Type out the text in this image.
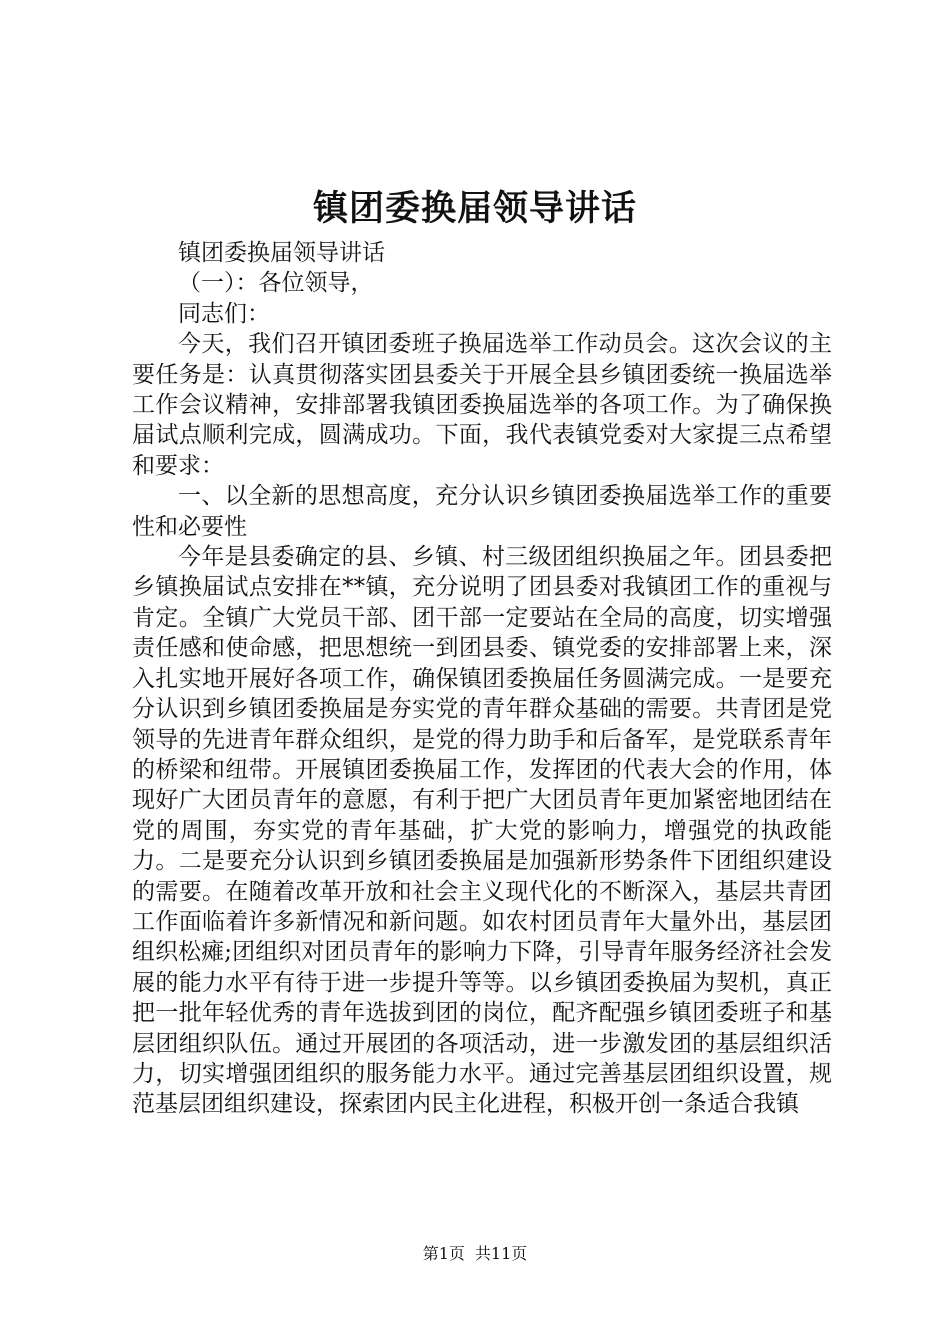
镇团委换届领导讲话

镇团委换届领导讲话

（一）：各位领导，

同志们：

今天，我们召开镇团委班子换届选举工作动员会。这次会议的主要任务是：认真贯彻落实团县委关于开展全县乡镇团委统一换届选举工作会议精神，安排部署我镇团委换届选举的各项工作。为了确保换届试点顺利完成，圆满成功。下面，我代表镇党委对大家提三点希望和要求：

一、以全新的思想高度，充分认识乡镇团委换届选举工作的重要性和必要性

今年是县委确定的县、乡镇、村三级团组织换届之年。团县委把乡镇换届试点安排在**镇，充分说明了团县委对我镇团工作的重视与肯定。全镇广大党员干部、团干部一定要站在全局的高度，切实增强责任感和使命感，把思想统一到团县委、镇党委的安排部署上来，深入扎实地开展好各项工作，确保镇团委换届任务圆满完成。一是要充分认识到乡镇团委换届是夯实党的青年群众基础的需要。共青团是党领导的先进青年群众组织，是党的得力助手和后备军，是党联系青年的桥梁和纽带。开展镇团委换届工作，发挥团的代表大会的作用，体现好广大团员青年的意愿，有利于把广大团员青年更加紧密地团结在党的周围，夯实党的青年基础，扩大党的影响力，增强党的执政能力。二是要充分认识到乡镇团委换届是加强新形势条件下团组织建设的需要。在随着改革开放和社会主义现代化的不断深入，基层共青团工作面临着许多新情况和新问题。如农村团员青年大量外出，基层团组织松瘫;团组织对团员青年的影响力下降，引导青年服务经济社会发展的能力水平有待于进一步提升等等。以乡镇团委换届为契机，真正把一批年轻优秀的青年选拔到团的岗位，配齐配强乡镇团委班子和基层团组织队伍。通过开展团的各项活动，进一步激发团的基层组织活力，切实增强团组织的服务能力水平。通过完善基层团组织设置，规范基层团组织建设，探索团内民主化进程，积极开创一条适合我镇

第1页 共11页
